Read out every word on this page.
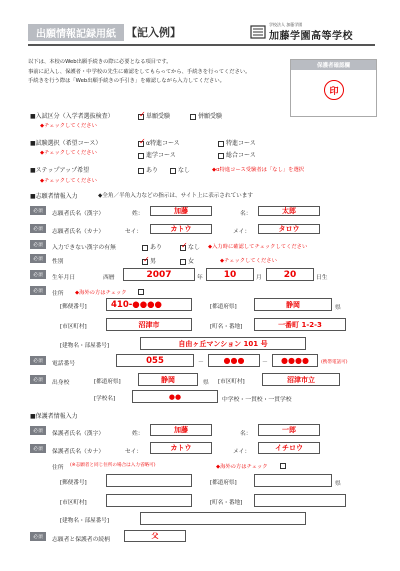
出願情報記録用紙 【記入例】
学校法人 加藤学園
加藤学園高等学校
以下は、本校のWeb出願手続きの際に必要となる項目です。
事前に記入し、保護者・中学校の先生に確認をしてもらってから、手続きを行ってください。
手続きを行う際は「Web出願手続きの手引き」を確認しながら入力してください。
保護者確認欄
印
■入試区分（入学者選抜検査）	✓ 単願受験	併願受験
◆チェックしてください
■試験選択（希望コース）	✓ α特進コース	特進コース
◆チェックしてください	進学コース	総合コース
■ステップアップ希望	あり	なし	◆α特進コース受験者は「なし」を選択
◆チェックしてください
■志願者情報入力	◆全角／半角入力などの指示は、サイト上に表示されています
必須	志願者氏名（漢字）	姓：	加藤	名：	太郎
必須	志願者氏名（カナ）	セイ：	カトウ	メイ：	タロウ
必須	入力できない漢字の有無	あり ✓ なし ◆入力時に確認してチェックしてください
必須	性別	✓ 男	女	◆チェックしてください
必須	生年月日	西暦	2007	年	10	月	20	日生
必須	住所 ◆海外の方はチェック
[郵便番号]	410-●●●●	[都道府県]	静岡	県
[市区町村]	沼津市	[町名・番地]	一番町 1-2-3
[建物名・部屋番号]	自由ヶ丘マンション 101 号
必須	電話番号	055	－	●●●	－	●●●●	(携帯電話可)
必須	出身校	[都道府県]	静岡	県 [市区町村]	沼津市立
[学校名]	●●	中学校・一貫校・一貫学校
■保護者情報入力
必須	保護者氏名（漢字）	姓：	加藤	名：	一郎
必須	保護者氏名（カナ）	セイ：	カトウ	メイ：	イチロウ
住所 (※志願者と同じ住所の場合は入力省略可)	◆海外の方はチェック
[郵便番号]	[都道府県]	県
[市区町村]	[町名・番地]
[建物名・部屋番号]
必須	志願者と保護者の続柄	父
